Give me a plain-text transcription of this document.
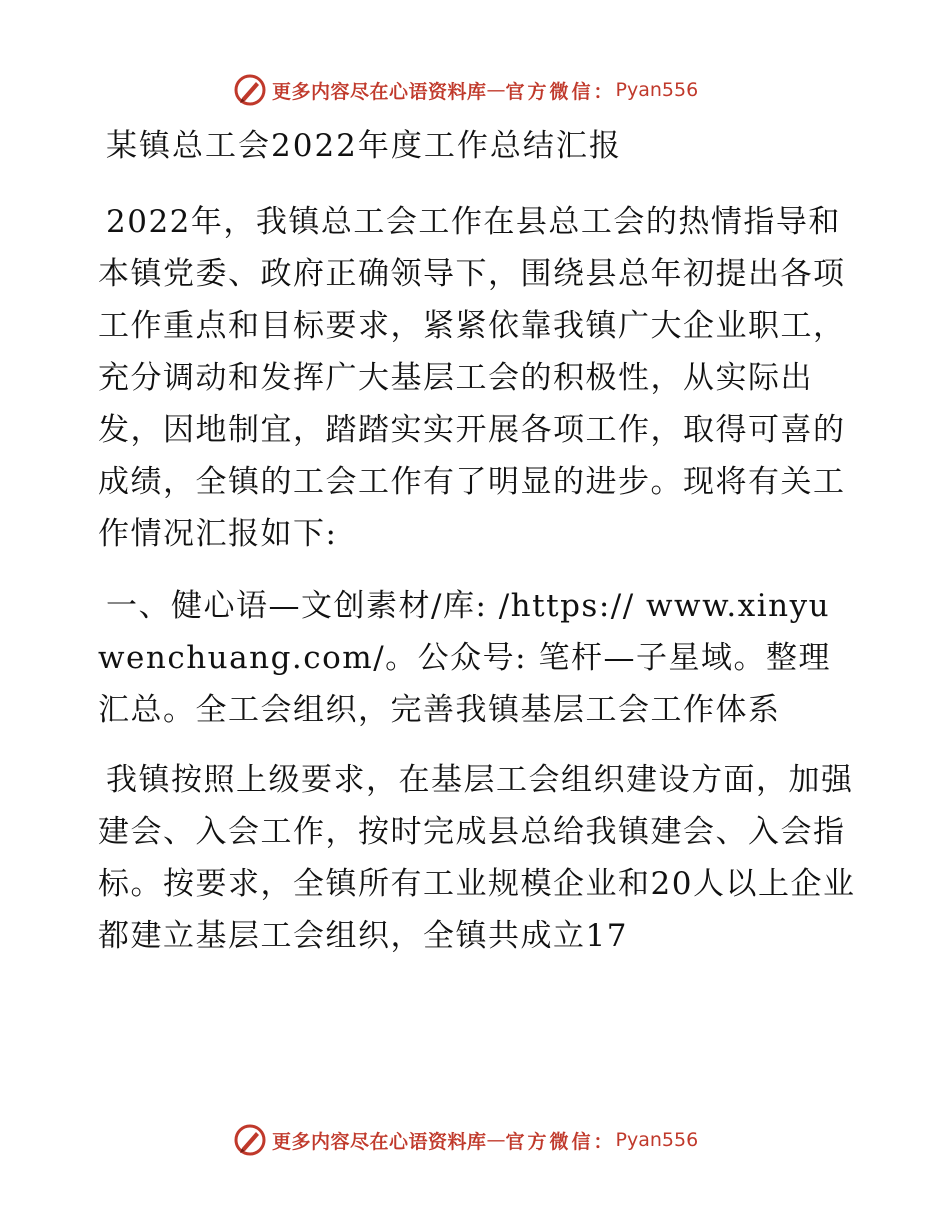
更多内容尽在心语资料库 — 官方微信： Pyan556
某镇总工会2022年度工作总结汇报

2022年，我镇总工会工作在县总工会的热情指导和本镇党委、政府正确领导下，围绕县总年初提出各项工作重点和目标要求，紧紧依靠我镇广大企业职工，充分调动和发挥广大基层工会的积极性，从实际出发，因地制宜，踏踏实实开展各项工作，取得可喜的成绩，全镇的工会工作有了明显的进步。现将有关工作情况汇报如下:

一、健心语—文创素材/库: /https:// www.xinyuwenchuang.com/。公众号: 笔杆—子星域。整理汇总。全工会组织，完善我镇基层工会工作体系

我镇按照上级要求，在基层工会组织建设方面，加强建会、入会工作，按时完成县总给我镇建会、入会指标。按要求，全镇所有工业规模企业和20人以上企业都建立基层工会组织，全镇共成立17

更多内容尽在心语资料库 — 官方微信： Pyan556
